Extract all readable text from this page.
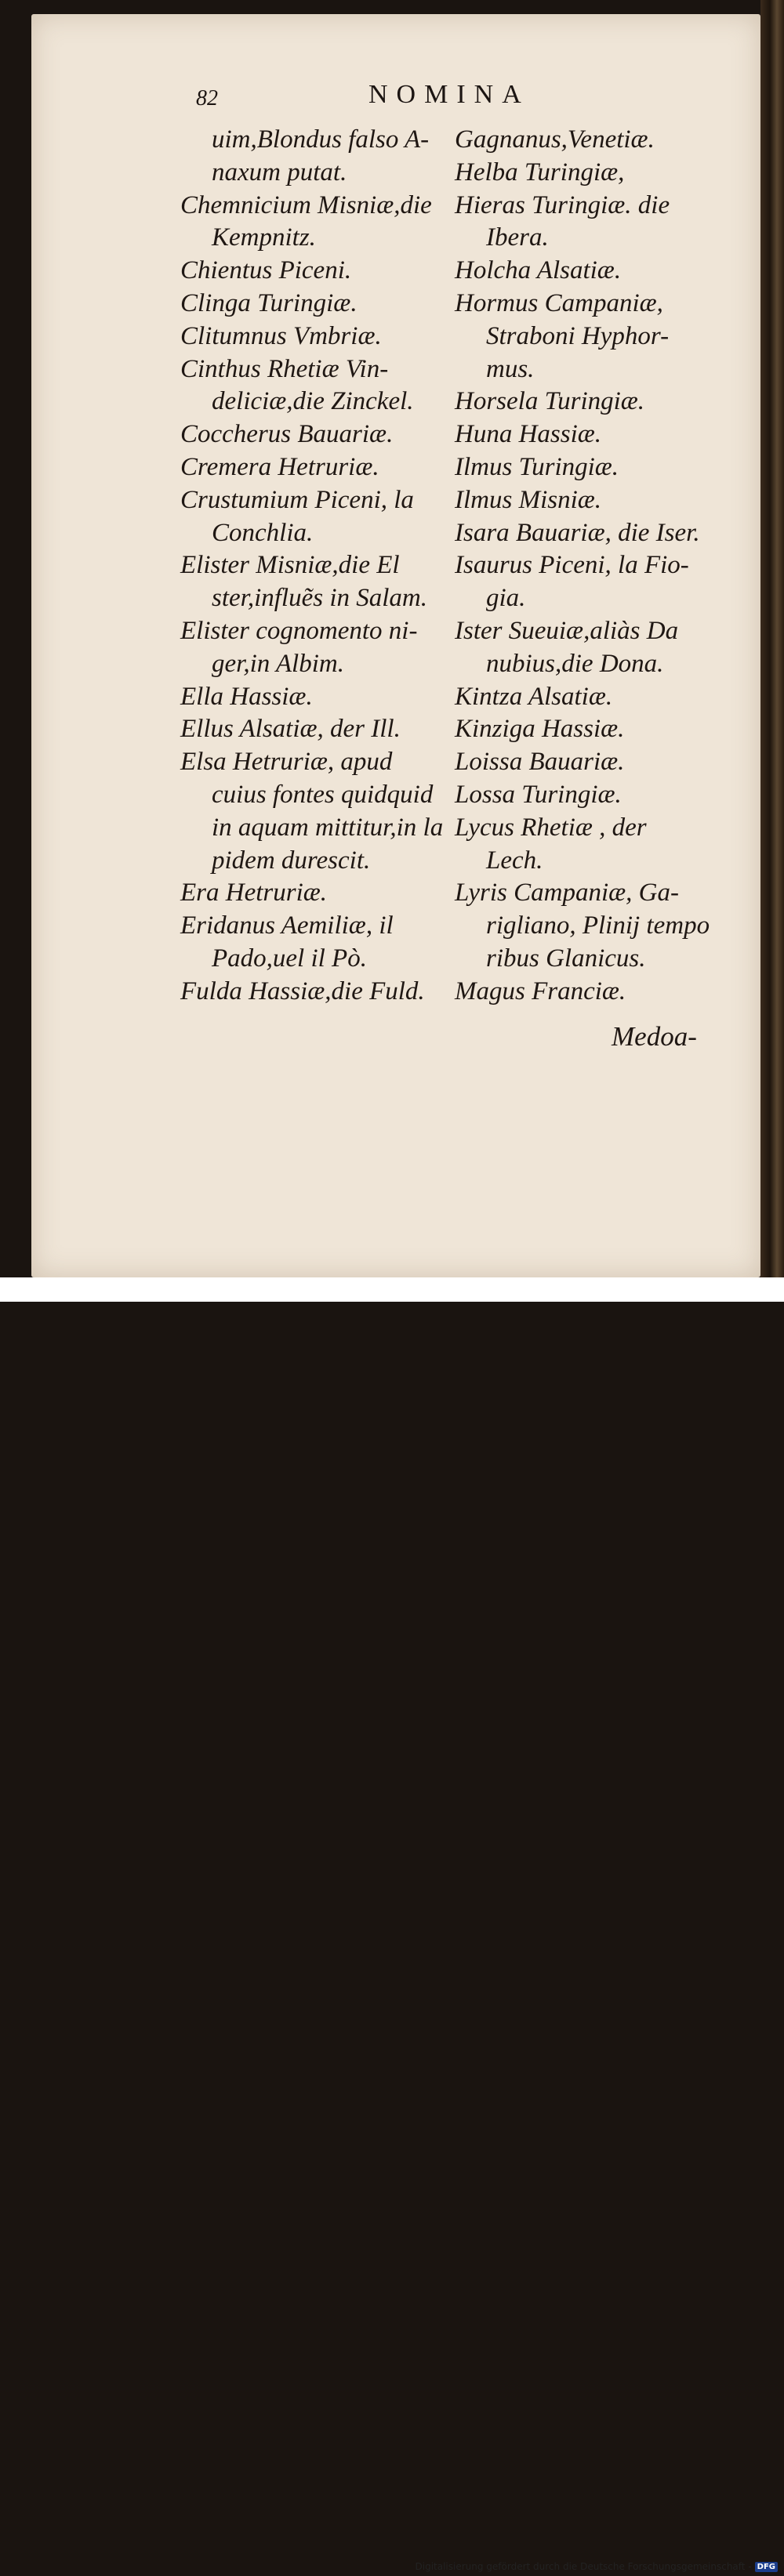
82	NOMINA
uim,Blondus falso A-
naxum putat.
Chemnicium Misniæ,die
Kempnitz.
Chientus Piceni.
Clinga Turingiæ.
Clitumnus Vmbriæ.
Cinthus Rhetiæ Vin-
deliciæ,die Zinckel.
Coccherus Bauariæ.
Cremera Hetruriæ.
Crustumium Piceni, la
Conchlia.
Elister Misniæ,die El
ster,influẽs in Salam.
Elister cognomento ni-
ger,in Albim.
Ella Hassiæ.
Ellus Alsatiæ, der Ill.
Elsa Hetruriæ, apud
cuius fontes quidquid
in aquam mittitur,in la
pidem durescit.
Era Hetruriæ.
Eridanus Aemiliæ, il
Pado,uel il Pò.
Fulda Hassiæ,die Fuld.
Gagnanus,Venetiæ.
Helba Turingiæ,
Hieras Turingiæ. die
Ibera.
Holcha Alsatiæ.
Hormus Campaniæ,
Straboni Hyphor-
mus.
Horsela Turingiæ.
Huna Hassiæ.
Ilmus Turingiæ.
Ilmus Misniæ.
Isara Bauariæ, die Iser.
Isaurus Piceni, la Fio-
gia.
Ister Sueuiæ,aliàs Da
nubius,die Dona.
Kintza Alsatiæ.
Kinziga Hassiæ.
Loissa Bauariæ.
Lossa Turingiæ.
Lycus Rhetiæ , der
Lech.
Lyris Campaniæ, Ga-
rigliano, Plinij tempo
ribus Glanicus.
Magus Franciæ.
Medoa-
Digitalisierung gefördert durch die Deutsche Forschungsgemeinschaft - DFG
